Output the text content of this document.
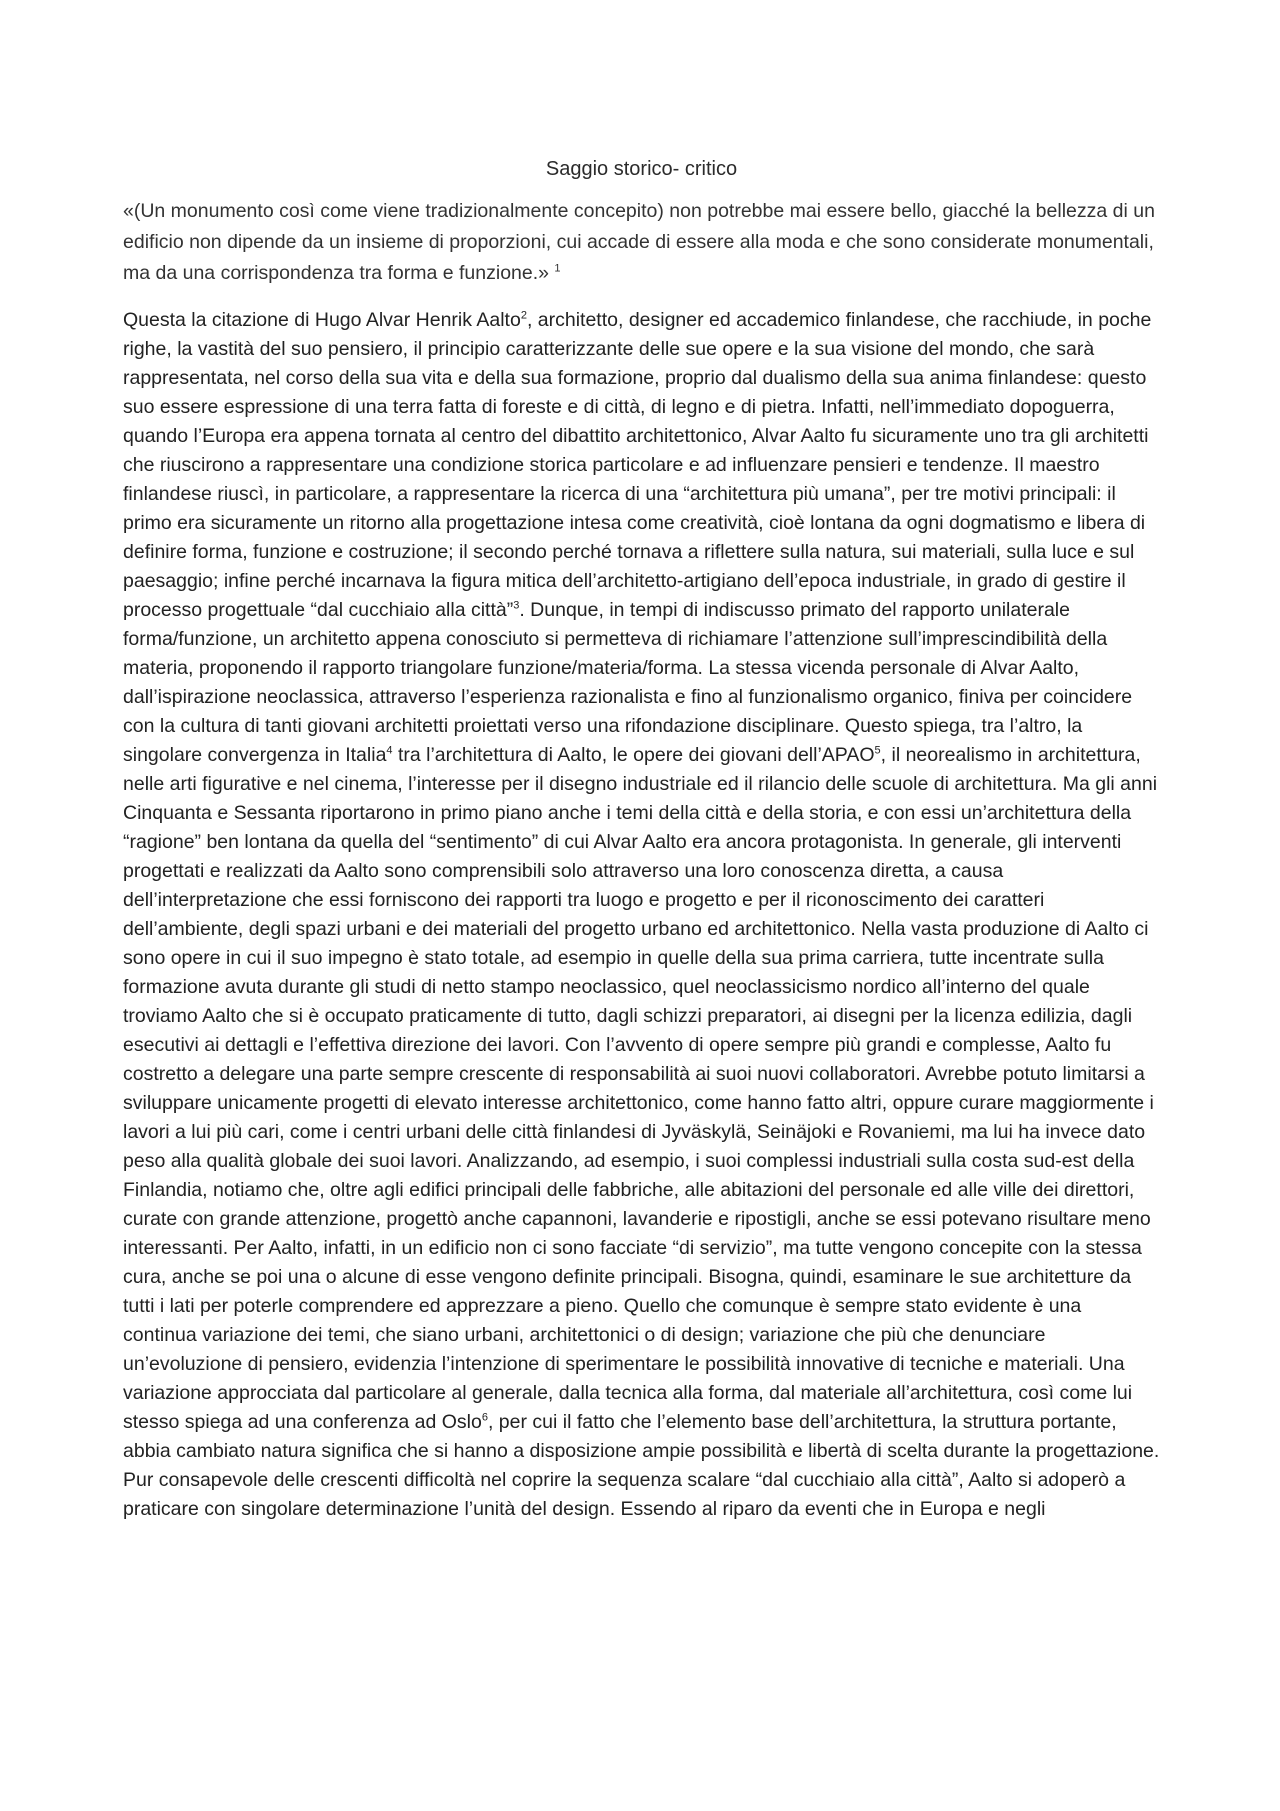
Saggio storico- critico

«(Un monumento così come viene tradizionalmente concepito) non potrebbe mai essere bello, giacché la bellezza di un edificio non dipende da un insieme di proporzioni, cui accade di essere alla moda e che sono considerate monumentali, ma da una corrispondenza tra forma e funzione.» $^1$

Questa la citazione di Hugo Alvar Henrik Aalto$^2$, architetto, designer ed accademico finlandese, che racchiude, in poche righe, la vastità del suo pensiero, il principio caratterizzante delle sue opere e la sua visione del mondo, che sarà rappresentata, nel corso della sua vita e della sua formazione, proprio dal dualismo della sua anima finlandese: questo suo essere espressione di una terra fatta di foreste e di città, di legno e di pietra. Infatti, nell’immediato dopoguerra, quando l’Europa era appena tornata al centro del dibattito architettonico, Alvar Aalto fu sicuramente uno tra gli architetti che riuscirono a rappresentare una condizione storica particolare e ad influenzare pensieri e tendenze. Il maestro finlandese riuscì, in particolare, a rappresentare la ricerca di una “architettura più umana”, per tre motivi principali: il primo era sicuramente un ritorno alla progettazione intesa come creatività, cioè lontana da ogni dogmatismo e libera di definire forma, funzione e costruzione; il secondo perché tornava a riflettere sulla natura, sui materiali, sulla luce e sul paesaggio; infine perché incarnava la figura mitica dell’architetto-artigiano dell’epoca industriale, in grado di gestire il processo progettuale “dal cucchiaio alla città”$^3$. Dunque, in tempi di indiscusso primato del rapporto unilaterale forma/funzione, un architetto appena conosciuto si permetteva di richiamare l’attenzione sull’imprescindibilità della materia, proponendo il rapporto triangolare funzione/materia/forma. La stessa vicenda personale di Alvar Aalto, dall’ispirazione neoclassica, attraverso l’esperienza razionalista e fino al funzionalismo organico, finiva per coincidere con la cultura di tanti giovani architetti proiettati verso una rifondazione disciplinare. Questo spiega, tra l’altro, la singolare convergenza in Italia$^4$ tra l’architettura di Aalto, le opere dei giovani dell’APAO$^5$, il neorealismo in architettura, nelle arti figurative e nel cinema, l’interesse per il disegno industriale ed il rilancio delle scuole di architettura. Ma gli anni Cinquanta e Sessanta riportarono in primo piano anche i temi della città e della storia, e con essi un’architettura della “ragione” ben lontana da quella del “sentimento” di cui Alvar Aalto era ancora protagonista. In generale, gli interventi progettati e realizzati da Aalto sono comprensibili solo attraverso una loro conoscenza diretta, a causa dell’interpretazione che essi forniscono dei rapporti tra luogo e progetto e per il riconoscimento dei caratteri dell’ambiente, degli spazi urbani e dei materiali del progetto urbano ed architettonico. Nella vasta produzione di Aalto ci sono opere in cui il suo impegno è stato totale, ad esempio in quelle della sua prima carriera, tutte incentrate sulla formazione avuta durante gli studi di netto stampo neoclassico, quel neoclassicismo nordico all’interno del quale troviamo Aalto che si è occupato praticamente di tutto, dagli schizzi preparatori, ai disegni per la licenza edilizia, dagli esecutivi ai dettagli e l’effettiva direzione dei lavori. Con l’avvento di opere sempre più grandi e complesse, Aalto fu costretto a delegare una parte sempre crescente di responsabilità ai suoi nuovi collaboratori. Avrebbe potuto limitarsi a sviluppare unicamente progetti di elevato interesse architettonico, come hanno fatto altri, oppure curare maggiormente i lavori a lui più cari, come i centri urbani delle città finlandesi di Jyväskylä, Seinäjoki e Rovaniemi, ma lui ha invece dato peso alla qualità globale dei suoi lavori. Analizzando, ad esempio, i suoi complessi industriali sulla costa sud-est della Finlandia, notiamo che, oltre agli edifici principali delle fabbriche, alle abitazioni del personale ed alle ville dei direttori, curate con grande attenzione, progettò anche capannoni, lavanderie e ripostigli, anche se essi potevano risultare meno interessanti. Per Aalto, infatti, in un edificio non ci sono facciate “di servizio”, ma tutte vengono concepite con la stessa cura, anche se poi una o alcune di esse vengono definite principali. Bisogna, quindi, esaminare le sue architetture da tutti i lati per poterle comprendere ed apprezzare a pieno. Quello che comunque è sempre stato evidente è una continua variazione dei temi, che siano urbani, architettonici o di design; variazione che più che denunciare un’evoluzione di pensiero, evidenzia l’intenzione di sperimentare le possibilità innovative di tecniche e materiali. Una variazione approcciata dal particolare al generale, dalla tecnica alla forma, dal materiale all’architettura, così come lui stesso spiega ad una conferenza ad Oslo$^6$, per cui il fatto che l’elemento base dell’architettura, la struttura portante, abbia cambiato natura significa che si hanno a disposizione ampie possibilità e libertà di scelta durante la progettazione. Pur consapevole delle crescenti difficoltà nel coprire la sequenza scalare “dal cucchiaio alla città”, Aalto si adoperò a praticare con singolare determinazione l’unità del design. Essendo al riparo da eventi che in Europa e negli
